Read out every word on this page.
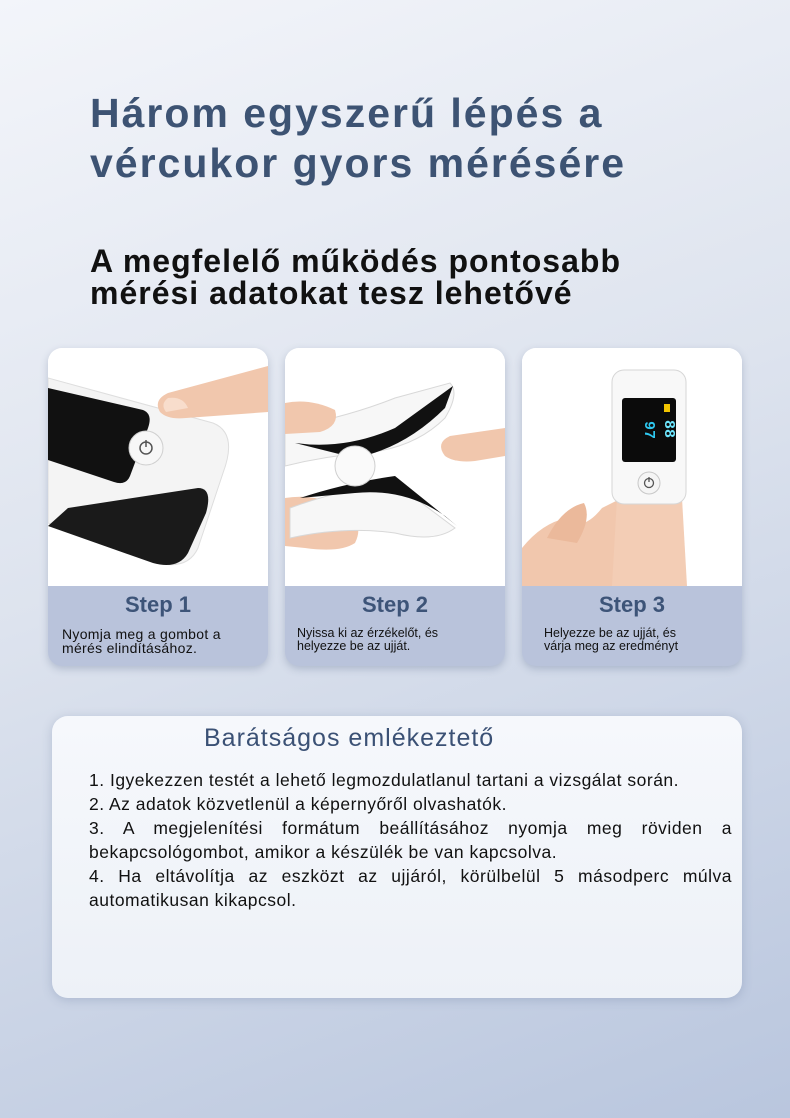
Három egyszerű lépés a
vércukor gyors mérésére
A megfelelő működés pontosabb
mérési adatokat tesz lehetővé
Step 1
Nyomja meg a gombot a
mérés elindításához.
Step 2
Nyissa ki az érzékelőt, és
helyezze be az ujját.
97 88
Step 3
Helyezze be az ujját, és
várja meg az eredményt
Barátságos emlékeztető
1. Igyekezzen testét a lehető legmozdulatlanul tartani a vizsgálat során.
2. Az adatok közvetlenül a képernyőről olvashatók.
3. A megjelenítési formátum beállításához nyomja meg röviden a bekapcsológombot, amikor a készülék be van kapcsolva.
4. Ha eltávolítja az eszközt az ujjáról, körülbelül 5 másodperc múlva automatikusan kikapcsol.
